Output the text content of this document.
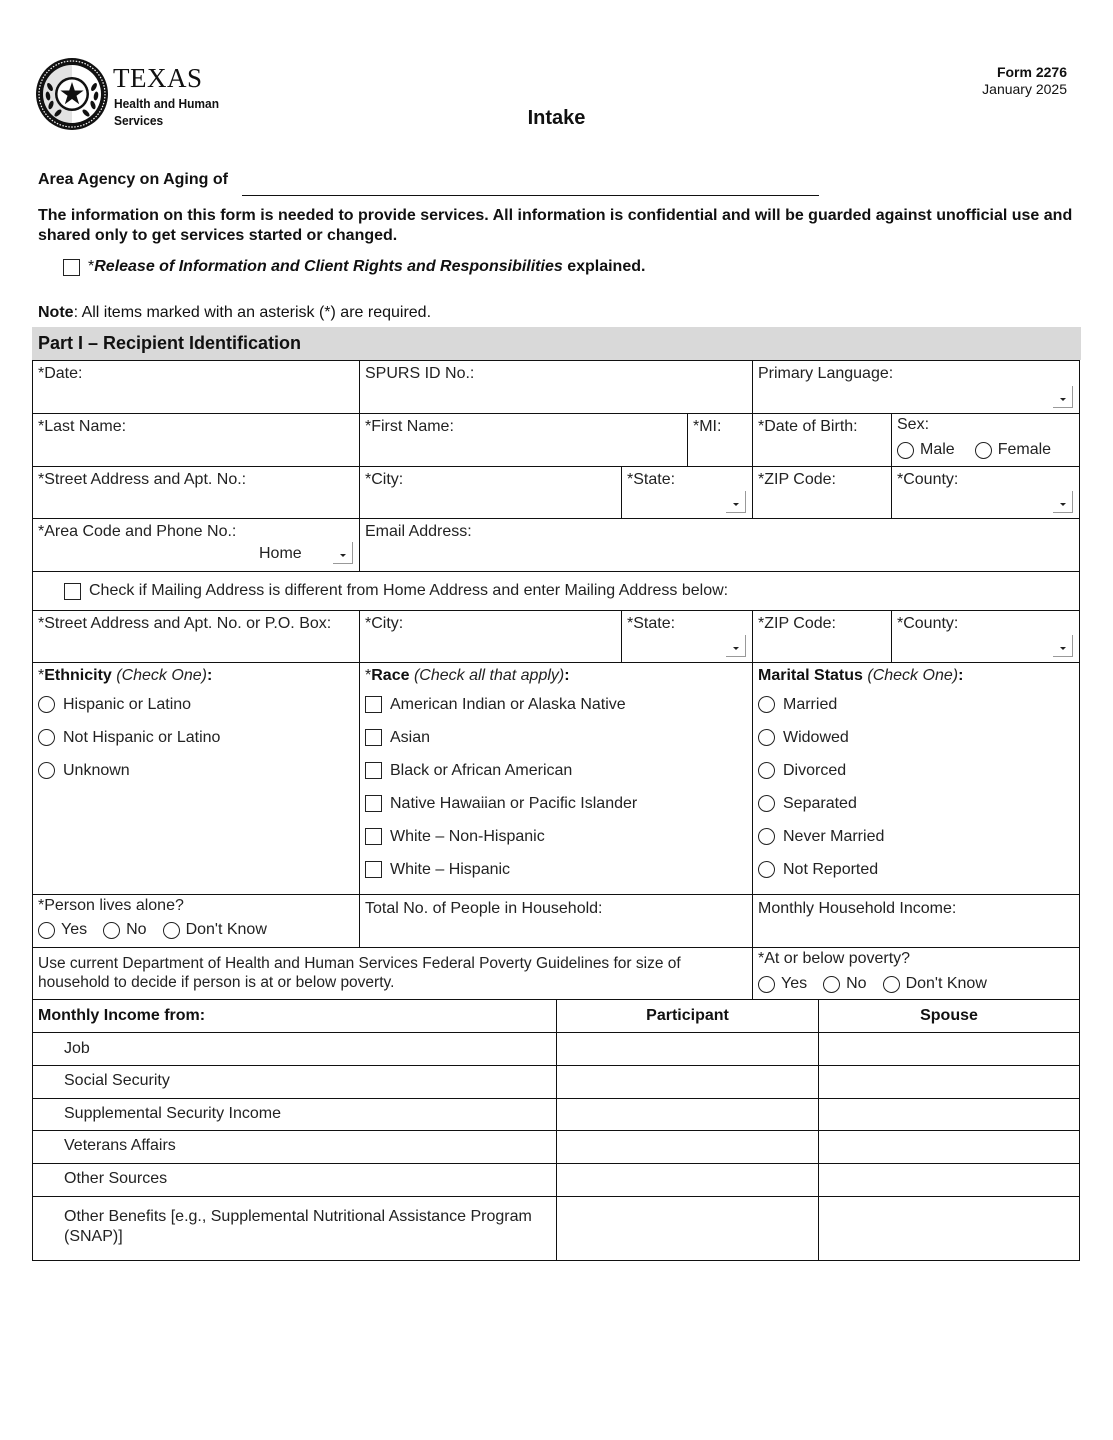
TEXAS
Health and Human
Services
Form 2276
January 2025
Intake
Area Agency on Aging of
The information on this form is needed to provide services. All information is confidential and will be guarded against unofficial use and shared only to get services started or changed.
* Release of Information and Client Rights and Responsibilities explained.
Note: All items marked with an asterisk (*) are required.
Part I – Recipient Identification
*Date:	SPURS ID No.:	Primary Language:
*Last Name:	*First Name:	*MI:	*Date of Birth:	Sex:
Male	Female
*Street Address and Apt. No.:	*City:	*State:	*ZIP Code:	*County:
*Area Code and Phone No.:
Home
Email Address:
Check if Mailing Address is different from Home Address and enter Mailing Address below:
*Street Address and Apt. No. or P.O. Box:	*City:	*State:	*ZIP Code:	*County:
*Ethnicity (Check One):
Hispanic or Latino
Not Hispanic or Latino
Unknown
*Race (Check all that apply):
American Indian or Alaska Native
Asian
Black or African American
Native Hawaiian or Pacific Islander
White – Non-Hispanic
White – Hispanic
Marital Status (Check One):
Married
Widowed
Divorced
Separated
Never Married
Not Reported
*Person lives alone?
Yes No Don't Know
Total No. of People in Household:	Monthly Household Income:
Use current Department of Health and Human Services Federal Poverty Guidelines for size of household to decide if person is at or below poverty.
*At or below poverty?
Yes No Don't Know
Monthly Income from:	Participant	Spouse
Job
Social Security
Supplemental Security Income
Veterans Affairs
Other Sources
Other Benefits [e.g., Supplemental Nutritional Assistance Program (SNAP)]
